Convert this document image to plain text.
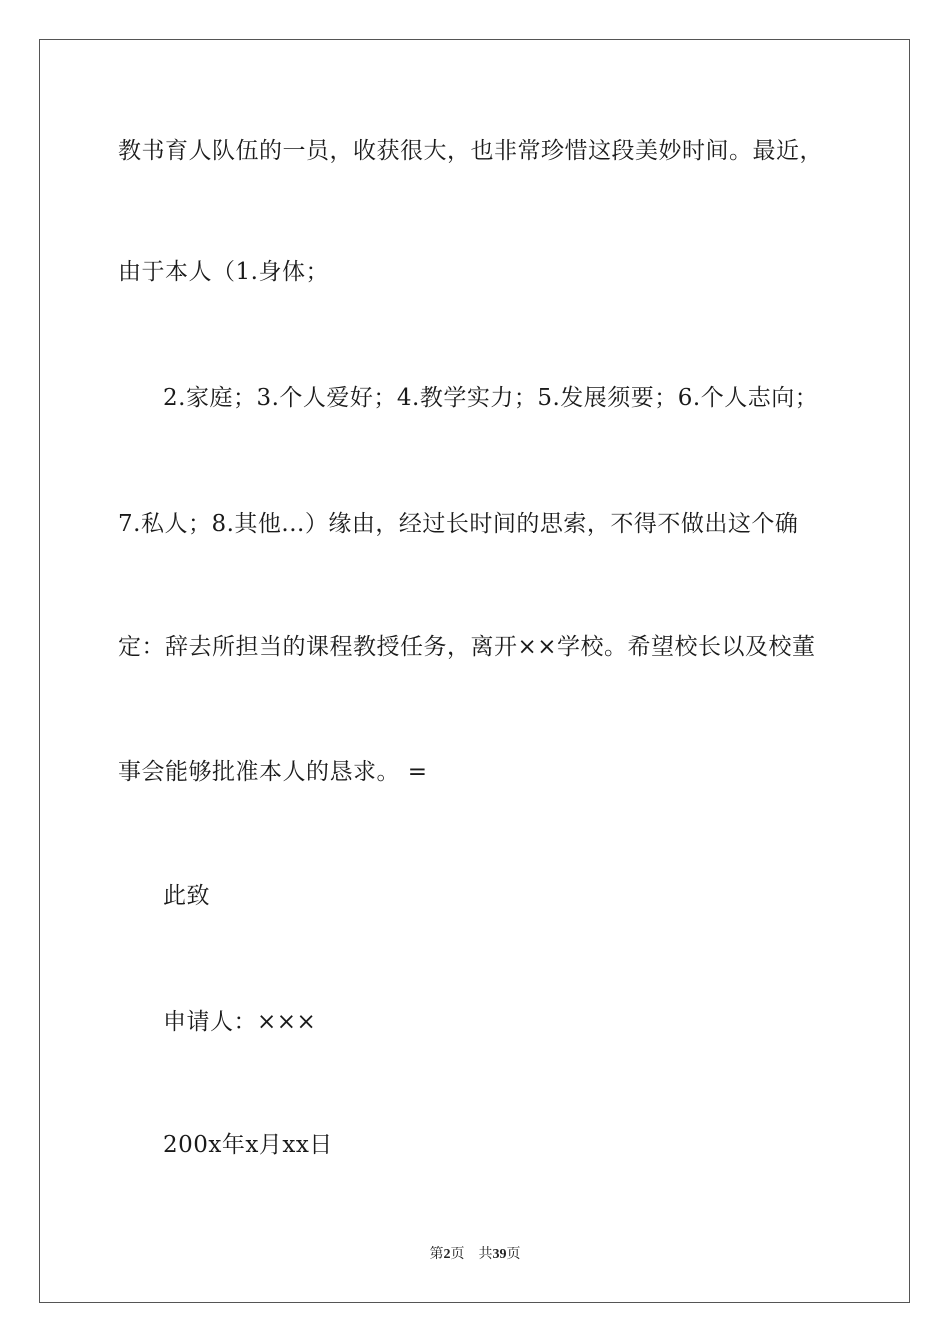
教书育人队伍的一员，收获很大，也非常珍惜这段美妙时间。最近，
由于本人（1.身体；
2.家庭；3.个人爱好；4.教学实力；5.发展须要；6.个人志向；
7.私人；8.其他...）缘由，经过长时间的思索，不得不做出这个确
定：辞去所担当的课程教授任务，离开××学校。希望校长以及校董
事会能够批准本人的恳求。 =
此致
申请人：×××
200x年x月xx日
第2页 共39页
